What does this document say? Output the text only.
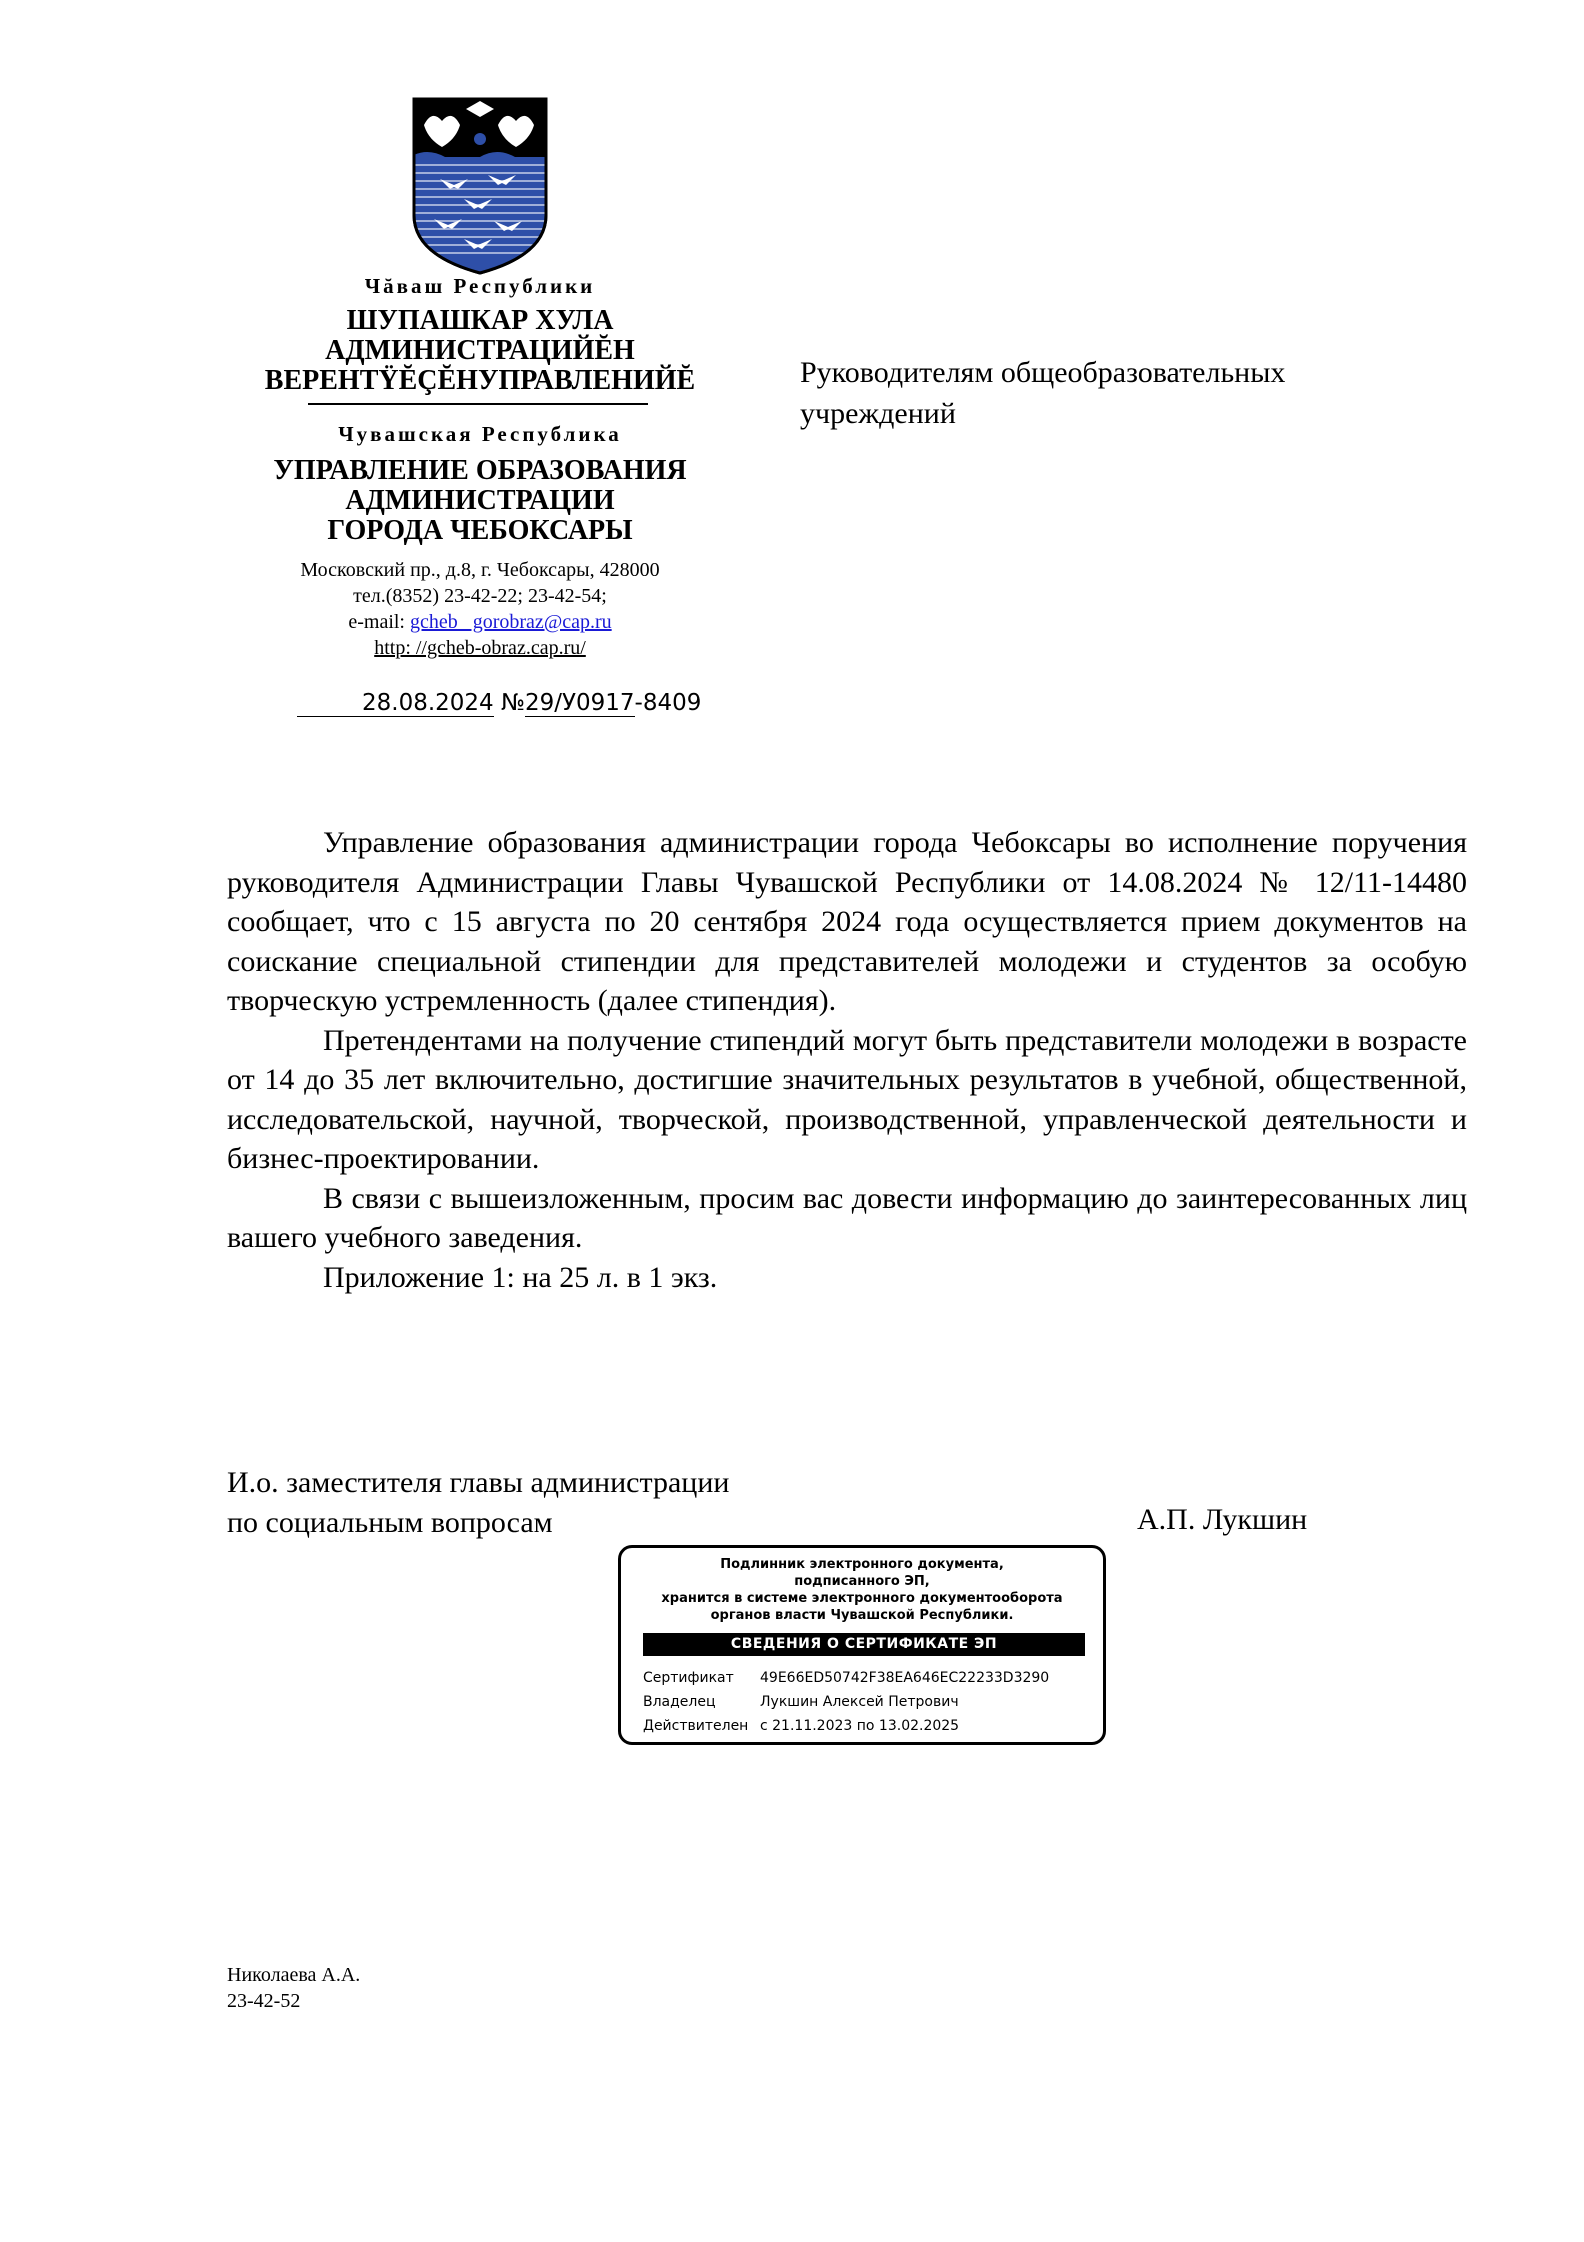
Чăваш Республики
ШУПАШКАР ХУЛА
АДМИНИСТРАЦИЙĔН
ВЕРЕНТŸĔÇĔНУПРАВЛЕНИЙĔ
Чувашская Республика
УПРАВЛЕНИЕ ОБРАЗОВАНИЯ
АДМИНИСТРАЦИИ
ГОРОДА ЧЕБОКСАРЫ
Московский пр., д.8, г. Чебоксары, 428000
тел.(8352) 23-42-22; 23-42-54;
e-mail: gcheb_ gorobraz@cap.ru
http: //gcheb-obraz.cap.ru/
28.08.2024 №29/У0917-8409
Руководителям общеобразовательных учреждений

Управление образования администрации города Чебоксары во исполнение поручения руководителя Администрации Главы Чувашской Республики от 14.08.2024 № 12/11-14480 сообщает, что с 15 августа по 20 сентября 2024 года осуществляется прием документов на соискание специальной стипендии для представителей молодежи и студентов за особую творческую устремленность (далее стипендия).

Претендентами на получение стипендий могут быть представители молодежи в возрасте от 14 до 35 лет включительно, достигшие значительных результатов в учебной, общественной, исследовательской, научной, творческой, производственной, управленческой деятельности и бизнес-проектировании.

В связи с вышеизложенным, просим вас довести информацию до заинтересованных лиц вашего учебного заведения.

Приложение 1: на 25 л. в 1 экз.

И.о. заместителя главы администрации
по социальным вопросам	А.П. Лукшин
Подлинник электронного документа,
подписанного ЭП,
хранится в системе электронного документооборота
органов власти Чувашской Республики.
СВЕДЕНИЯ О СЕРТИФИКАТЕ ЭП
Сертификат 49E66ED50742F38EA646EC22233D3290
Владелец	Лукшин Алексей Петрович
Действителен с 21.11.2023 по 13.02.2025
Николаева А.А.
23-42-52
